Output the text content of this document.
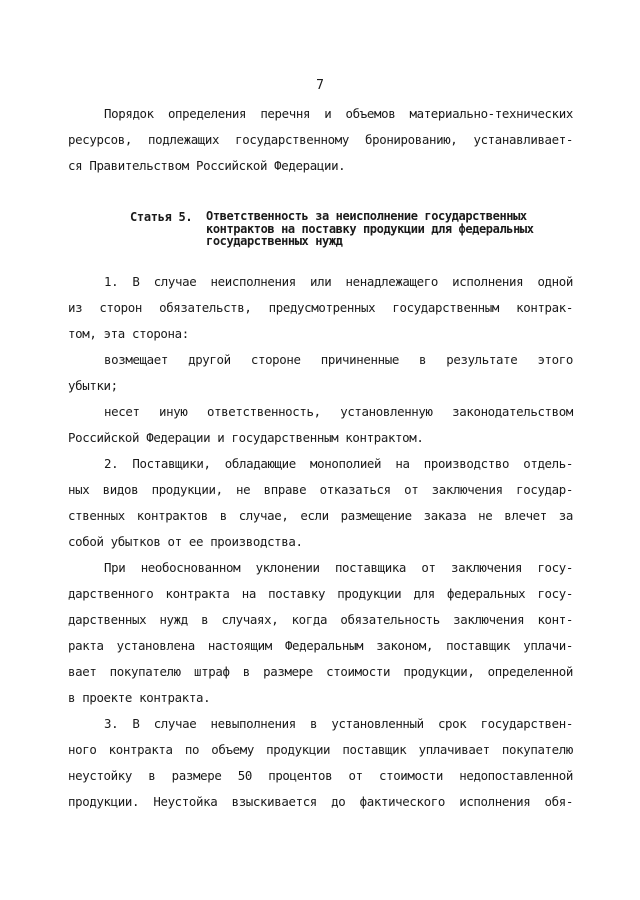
7
Порядок определения перечня и объемов материально-технических
ресурсов, подлежащих государственному бронированию, устанавливает-
ся Правительством Российской Федерации.
Статья 5. Ответственность за неисполнение государственных
контрактов на поставку продукции для федеральных
государственных нужд
1. В случае неисполнения или ненадлежащего исполнения одной
из сторон обязательств, предусмотренных государственным контрак-
том, эта сторона:
возмещает другой стороне причиненные в результате этого
убытки;
несет иную ответственность, установленную законодательством
Российской Федерации и государственным контрактом.
2. Поставщики, обладающие монополией на производство отдель-
ных видов продукции, не вправе отказаться от заключения государ-
ственных контрактов в случае, если размещение заказа не влечет за
собой убытков от ее производства.
При необоснованном уклонении поставщика от заключения госу-
дарственного контракта на поставку продукции для федеральных госу-
дарственных нужд в случаях, когда обязательность заключения конт-
ракта установлена настоящим Федеральным законом, поставщик уплачи-
вает покупателю штраф в размере стоимости продукции, определенной
в проекте контракта.
3. В случае невыполнения в установленный срок государствен-
ного контракта по объему продукции поставщик уплачивает покупателю
неустойку в размере 50 процентов от стоимости недопоставленной
продукции. Неустойка взыскивается до фактического исполнения обя-
